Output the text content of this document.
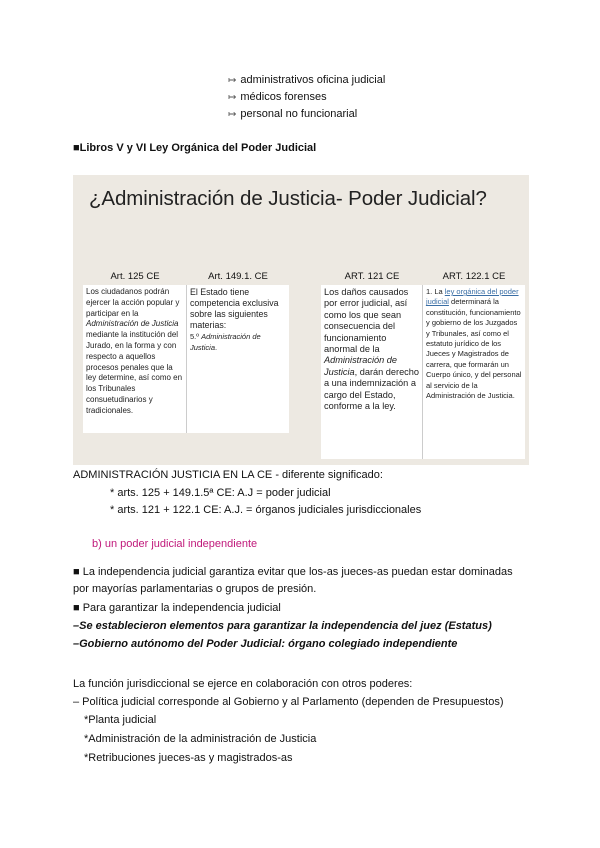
↦ administrativos oficina judicial
↦ médicos forenses
↦ personal no funcionarial
■Libros V y VI Ley Orgánica del Poder Judicial
¿Administración de Justicia- Poder Judicial?
Art. 125 CE	Art. 149.1. CE
Los ciudadanos podrán ejercer la acción popular y participar en la Administración de Justicia mediante la institución del Jurado, en la forma y con respecto a aquellos procesos penales que la ley determine, así como en los Tribunales consuetudinarios y tradicionales.
El Estado tiene competencia exclusiva sobre las siguientes materias:
5.º Administración de Justicia.
ART. 121 CE	ART. 122.1 CE
Los daños causados por error judicial, así como los que sean consecuencia del funcionamiento anormal de la Administración de Justicia, darán derecho a una indemnización a cargo del Estado, conforme a la ley.
1. La ley orgánica del poder judicial determinará la constitución, funcionamiento y gobierno de los Juzgados y Tribunales, así como el estatuto jurídico de los Jueces y Magistrados de carrera, que formarán un Cuerpo único, y del personal al servicio de la Administración de Justicia.
ADMINISTRACIÓN JUSTICIA EN LA CE - diferente significado:
* arts. 125 + 149.1.5ª CE: A.J = poder judicial
* arts. 121 + 122.1 CE: A.J. = órganos judiciales jurisdiccionales
b) un poder judicial independiente
■ La independencia judicial garantiza evitar que los-as jueces-as puedan estar dominadas
por mayorías parlamentarias o grupos de presión.
■ Para garantizar la independencia judicial
–Se establecieron elementos para garantizar la independencia del juez (Estatus)
–Gobierno autónomo del Poder Judicial: órgano colegiado independiente
La función jurisdiccional se ejerce en colaboración con otros poderes:
– Política judicial corresponde al Gobierno y al Parlamento (dependen de Presupuestos)
*Planta judicial
*Administración de la administración de Justicia
*Retribuciones jueces-as y magistrados-as
